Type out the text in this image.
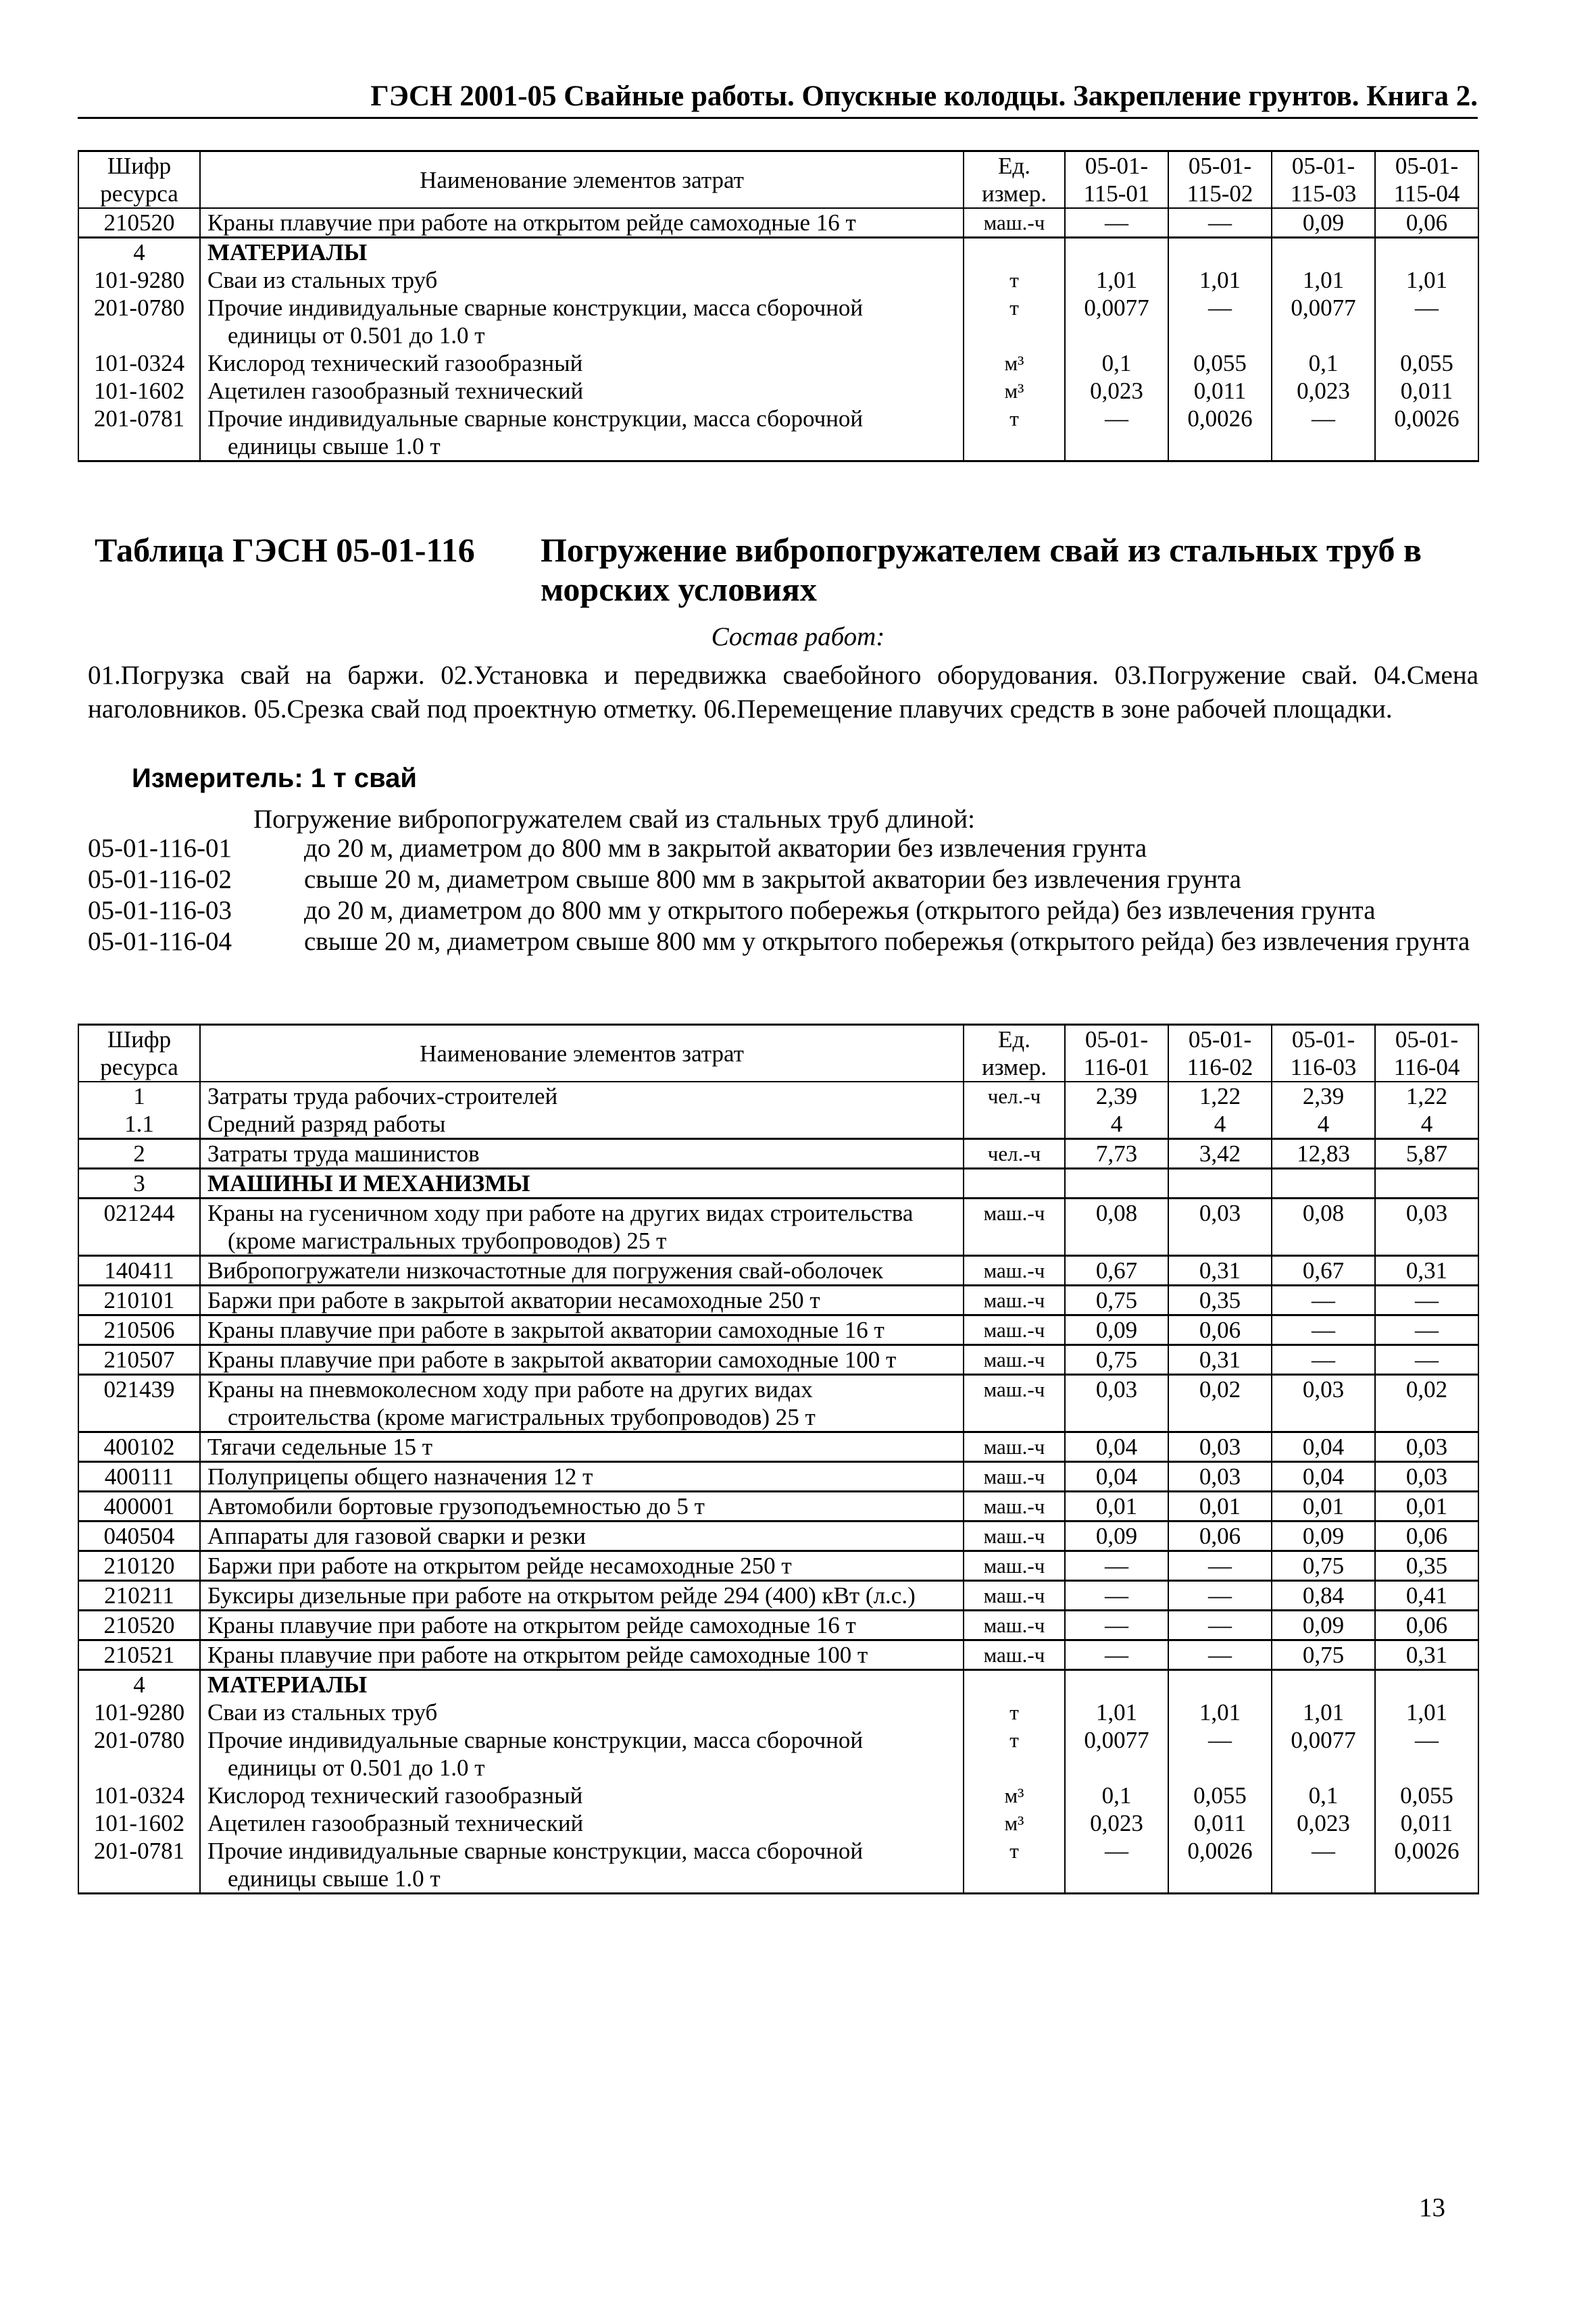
ГЭСН 2001-05 Свайные работы. Опускные колодцы. Закрепление грунтов. Книга 2.
Шифр ресурса	Наименование элементов затрат	Ед. измер.	05-01-115-01	05-01-115-02	05-01-115-03	05-01-115-04
210520	Краны плавучие при работе на открытом рейде самоходные 16 т	маш.-ч	—	—	0,09	0,06
4	МАТЕРИАЛЫ					
101-9280	Сваи из стальных труб	т	1,01	1,01	1,01	1,01
201-0780	Прочие индивидуальные сварные конструкции, масса сборочной
единицы от 0.501 до 1.0 т	т	0,0077	—	0,0077	—
101-0324	Кислород технический газообразный	м³	0,1	0,055	0,1	0,055
101-1602	Ацетилен газообразный технический	м³	0,023	0,011	0,023	0,011
201-0781	Прочие индивидуальные сварные конструкции, масса сборочной
единицы свыше 1.0 т	т	—	0,0026	—	0,0026
Таблица ГЭСН 05-01-116 Погружение вибропогружателем свай из стальных труб в морских условиях
Состав работ:
01.Погрузка свай на баржи. 02.Установка и передвижка сваебойного оборудования. 03.Погружение свай. 04.Смена наголовников. 05.Срезка свай под проектную отметку. 06.Перемещение плавучих средств в зоне рабочей площадки.
Измеритель: 1 т свай
Погружение вибропогружателем свай из стальных труб длиной:
05-01-116-01	до 20 м, диаметром до 800 мм в закрытой акватории без извлечения грунта
05-01-116-02	свыше 20 м, диаметром свыше 800 мм в закрытой акватории без извлечения грунта
05-01-116-03	до 20 м, диаметром до 800 мм у открытого побережья (открытого рейда) без извлечения грунта
05-01-116-04	свыше 20 м, диаметром свыше 800 мм у открытого побережья (открытого рейда) без извлечения грунта
Шифр ресурса	Наименование элементов затрат	Ед. измер.	05-01-116-01	05-01-116-02	05-01-116-03	05-01-116-04
1	Затраты труда рабочих-строителей	чел.-ч	2,39	1,22	2,39	1,22
1.1	Средний разряд работы		4	4	4	4
2	Затраты труда машинистов	чел.-ч	7,73	3,42	12,83	5,87
3	МАШИНЫ И МЕХАНИЗМЫ					
021244	Краны на гусеничном ходу при работе на других видах строительства
(кроме магистральных трубопроводов) 25 т	маш.-ч	0,08	0,03	0,08	0,03
140411	Вибропогружатели низкочастотные для погружения свай-оболочек	маш.-ч	0,67	0,31	0,67	0,31
210101	Баржи при работе в закрытой акватории несамоходные 250 т	маш.-ч	0,75	0,35	—	—
210506	Краны плавучие при работе в закрытой акватории самоходные 16 т	маш.-ч	0,09	0,06	—	—
210507	Краны плавучие при работе в закрытой акватории самоходные 100 т	маш.-ч	0,75	0,31	—	—
021439	Краны на пневмоколесном ходу при работе на других видах
строительства (кроме магистральных трубопроводов) 25 т	маш.-ч	0,03	0,02	0,03	0,02
400102	Тягачи седельные 15 т	маш.-ч	0,04	0,03	0,04	0,03
400111	Полуприцепы общего назначения 12 т	маш.-ч	0,04	0,03	0,04	0,03
400001	Автомобили бортовые грузоподъемностью до 5 т	маш.-ч	0,01	0,01	0,01	0,01
040504	Аппараты для газовой сварки и резки	маш.-ч	0,09	0,06	0,09	0,06
210120	Баржи при работе на открытом рейде несамоходные 250 т	маш.-ч	—	—	0,75	0,35
210211	Буксиры дизельные при работе на открытом рейде 294 (400) кВт (л.с.)	маш.-ч	—	—	0,84	0,41
210520	Краны плавучие при работе на открытом рейде самоходные 16 т	маш.-ч	—	—	0,09	0,06
210521	Краны плавучие при работе на открытом рейде самоходные 100 т	маш.-ч	—	—	0,75	0,31
4	МАТЕРИАЛЫ					
101-9280	Сваи из стальных труб	т	1,01	1,01	1,01	1,01
201-0780	Прочие индивидуальные сварные конструкции, масса сборочной
единицы от 0.501 до 1.0 т	т	0,0077	—	0,0077	—
101-0324	Кислород технический газообразный	м³	0,1	0,055	0,1	0,055
101-1602	Ацетилен газообразный технический	м³	0,023	0,011	0,023	0,011
201-0781	Прочие индивидуальные сварные конструкции, масса сборочной
единицы свыше 1.0 т	т	—	0,0026	—	0,0026
13
